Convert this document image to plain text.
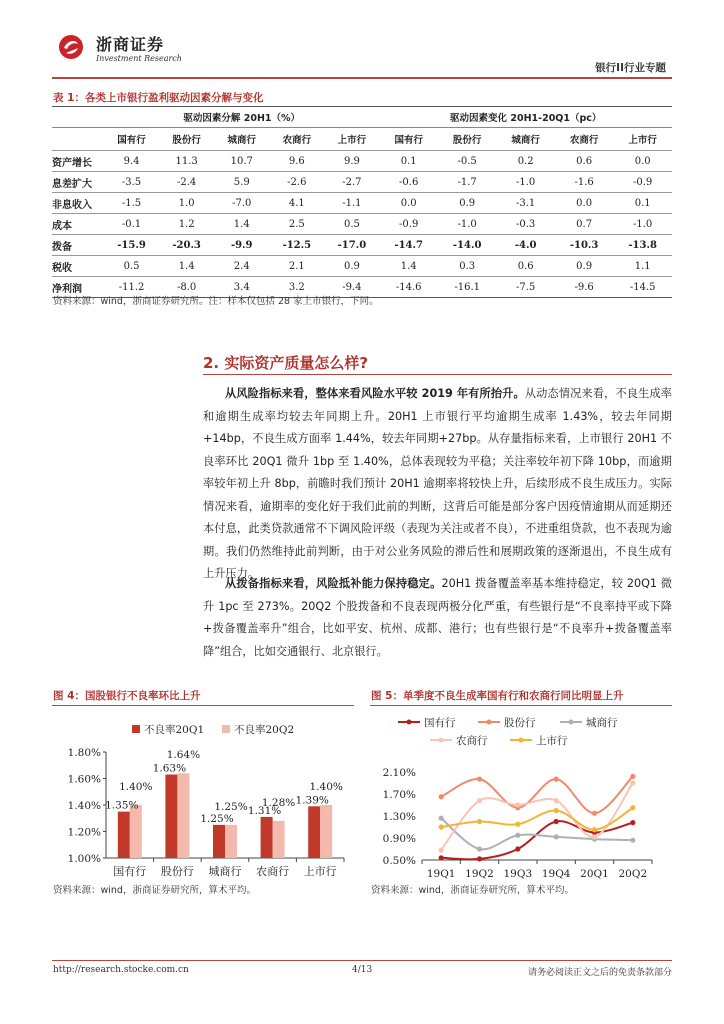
浙商证券
Investment Research
银行II行业专题
表 1：各类上市银行盈利驱动因素分解与变化
	驱动因素分解 20H1（%）					驱动因素变化 20H1-20Q1（pc）				
	国有行	股份行	城商行	农商行	上市行	国有行	股份行	城商行	农商行	上市行
资产增长	9.4	11.3	10.7	9.6	9.9	0.1	-0.5	0.2	0.6	0.0
息差扩大	-3.5	-2.4	5.9	-2.6	-2.7	-0.6	-1.7	-1.0	-1.6	-0.9
非息收入	-1.5	1.0	-7.0	4.1	-1.1	0.0	0.9	-3.1	0.0	0.1
成本	-0.1	1.2	1.4	2.5	0.5	-0.9	-1.0	-0.3	0.7	-1.0
拨备	-15.9	-20.3	-9.9	-12.5	-17.0	-14.7	-14.0	-4.0	-10.3	-13.8
税收	0.5	1.4	2.4	2.1	0.9	1.4	0.3	0.6	0.9	1.1
净利润	-11.2	-8.0	3.4	3.2	-9.4	-14.6	-16.1	-7.5	-9.6	-14.5
资料来源：wind，浙商证券研究所。注：样本仅包括 28 家上市银行，下同。
2. 实际资产质量怎么样?
从风险指标来看，整体来看风险水平较 2019 年有所抬升。从动态情况来看，不良生成率和逾期生成率均较去年同期上升。20H1 上市银行平均逾期生成率 1.43%，较去年同期+14bp，不良生成方面率 1.44%，较去年同期+27bp。从存量指标来看，上市银行 20H1 不良率环比 20Q1 微升 1bp 至 1.40%，总体表现较为平稳；关注率较年初下降 10bp，而逾期率较年初上升 8bp，前瞻时我们预计 20H1 逾期率将较快上升，后续形成不良生成压力。实际情况来看，逾期率的变化好于我们此前的判断，这背后可能是部分客户因疫情逾期从而延期还本付息，此类贷款通常不下调风险评级（表现为关注或者不良），不进重组贷款，也不表现为逾期。我们仍然维持此前判断，由于对公业务风险的滞后性和展期政策的逐渐退出，不良生成有上升压力。
从拨备指标来看，风险抵补能力保持稳定。20H1 拨备覆盖率基本维持稳定，较 20Q1 微升 1pc 至 273%。20Q2 个股拨备和不良表现两极分化严重，有些银行是“不良率持平或下降+拨备覆盖率升”组合，比如平安、杭州、成都、港行；也有些银行是“不良率升+拨备覆盖率降”组合，比如交通银行、北京银行。
图 4：国股银行不良率环比上升
不良率20Q1	不良率20Q2
1.00%
1.20%
1.40%
1.60%
1.80%
1.35%
1.40%
国有行
1.63%
1.64%
股份行
1.25%
1.25%
城商行
1.31%
1.28%
农商行
1.39%
1.40%
上市行
资料来源：wind，浙商证券研究所，算术平均。
图 5：单季度不良生成率国有行和农商行同比明显上升
国有行	股份行	城商行
农商行	上市行
0.50%
0.90%
1.30%
1.70%
2.10%
19Q1 19Q2 19Q3 19Q4 20Q1 20Q2
资料来源：wind，浙商证券研究所，算术平均。
http://research.stocke.com.cn	4/13	请务必阅读正文之后的免责条款部分
